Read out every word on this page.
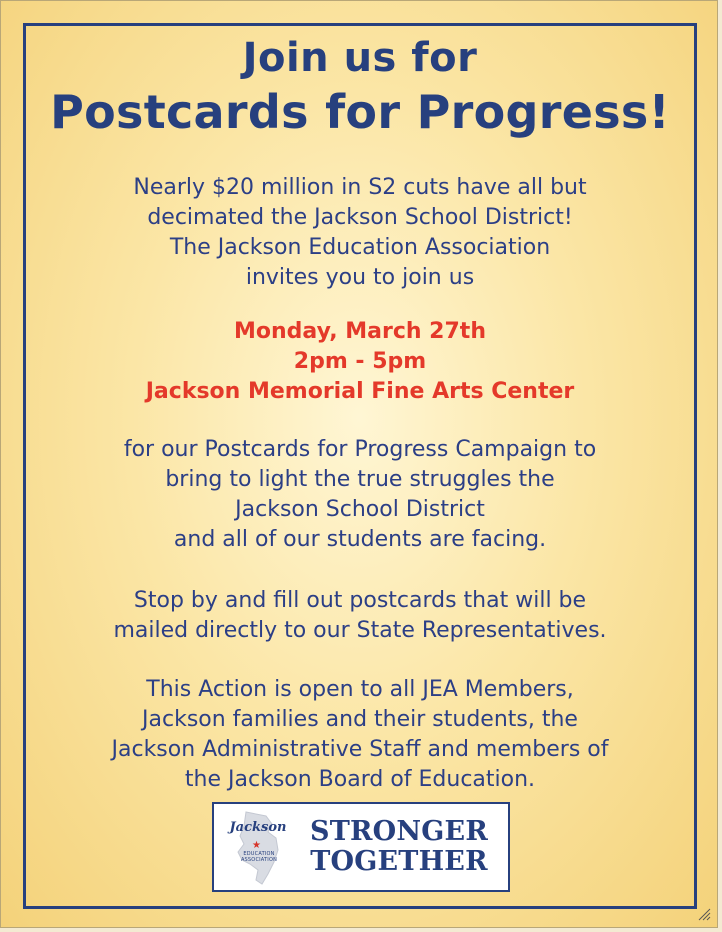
Join us for
Postcards for Progress!
Nearly $20 million in S2 cuts have all but
decimated the Jackson School District!
The Jackson Education Association
invites you to join us
Monday, March 27th
2pm - 5pm
Jackson Memorial Fine Arts Center
for our Postcards for Progress Campaign to
bring to light the true struggles the
Jackson School District
and all of our students are facing.
Stop by and fill out postcards that will be
mailed directly to our State Representatives.
This Action is open to all JEA Members,
Jackson families and their students, the
Jackson Administrative Staff and members of
the Jackson Board of Education.
Jackson
★
EDUCATION
ASSOCIATION
STRONGER
TOGETHER
